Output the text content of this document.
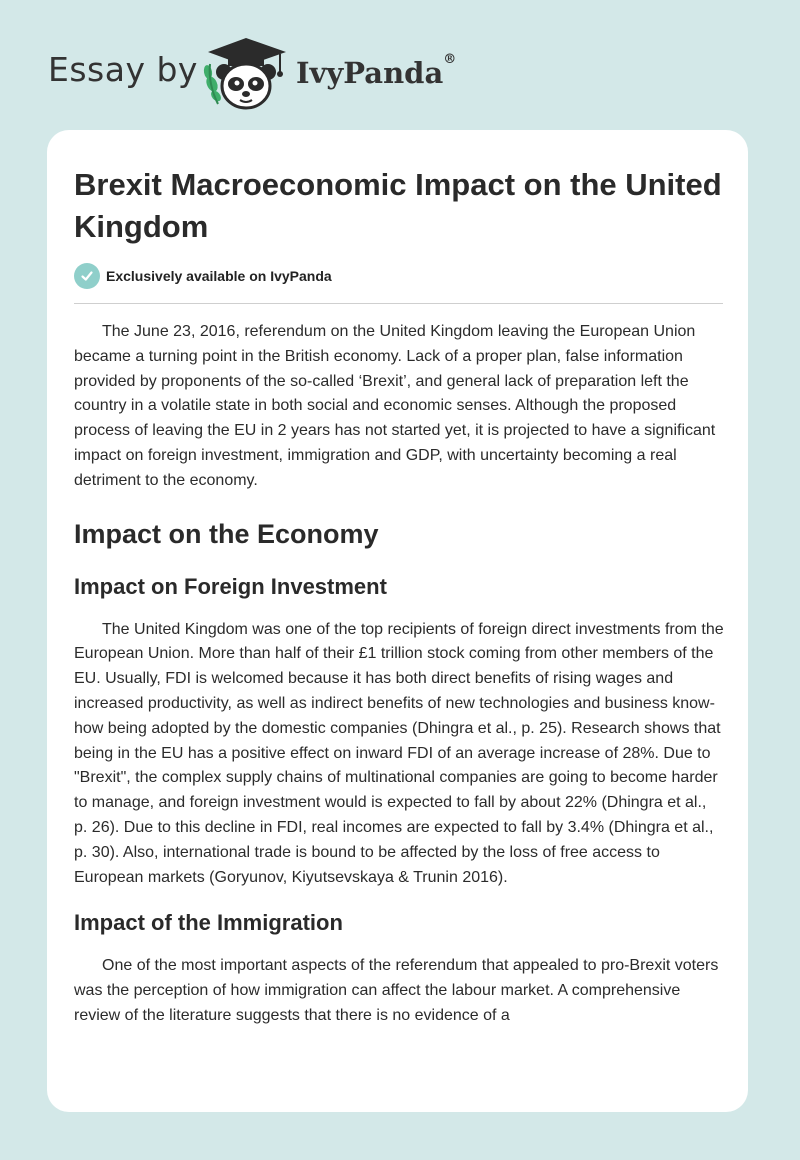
Essay by	IvyPanda®
Brexit Macroeconomic Impact on the United Kingdom
Exclusively available on IvyPanda

The June 23, 2016, referendum on the United Kingdom leaving the European Union became a turning point in the British economy. Lack of a proper plan, false information provided by proponents of the so-called ‘Brexit’, and general lack of preparation left the country in a volatile state in both social and economic senses. Although the proposed process of leaving the EU in 2 years has not started yet, it is projected to have a significant impact on foreign investment, immigration and GDP, with uncertainty becoming a real detriment to the economy.

Impact on the Economy
Impact on Foreign Investment

The United Kingdom was one of the top recipients of foreign direct investments from the European Union. More than half of their £1 trillion stock coming from other members of the EU. Usually, FDI is welcomed because it has both direct benefits of rising wages and increased productivity, as well as indirect benefits of new technologies and business know-how being adopted by the domestic companies (Dhingra et al., p. 25). Research shows that being in the EU has a positive effect on inward FDI of an average increase of 28%. Due to "Brexit", the complex supply chains of multinational companies are going to become harder to manage, and foreign investment would is expected to fall by about 22% (Dhingra et al., p. 26). Due to this decline in FDI, real incomes are expected to fall by 3.4% (Dhingra et al., p. 30). Also, international trade is bound to be affected by the loss of free access to European markets (Goryunov, Kiyutsevskaya & Trunin 2016).

Impact of the Immigration

One of the most important aspects of the referendum that appealed to pro-Brexit voters was the perception of how immigration can affect the labour market. A comprehensive review of the literature suggests that there is no evidence of a
